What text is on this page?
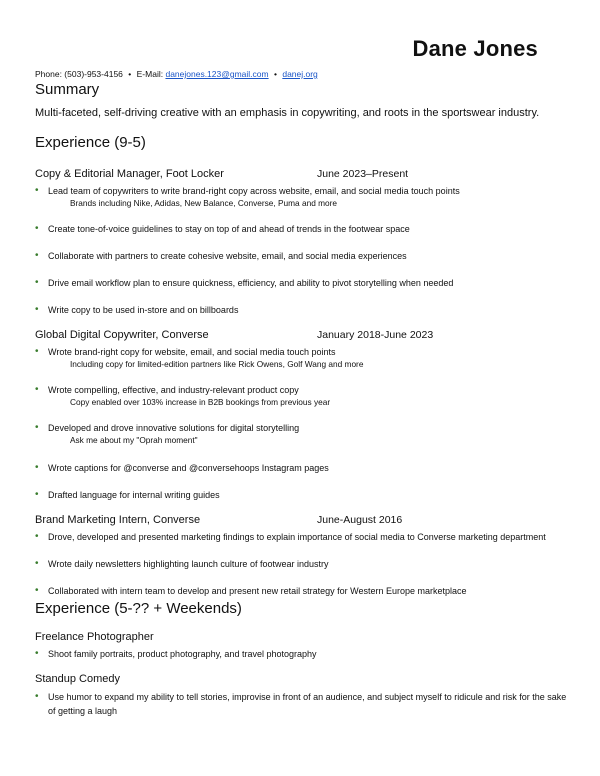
Dane Jones
Phone: (503)-953-4156 • E-Mail: danejones.123@gmail.com • danej.org
Summary
Multi-faceted, self-driving creative with an emphasis in copywriting, and roots in the sportswear industry.
Experience (9-5)
Copy & Editorial Manager, Foot Locker	June 2023–Present
• Lead team of copywriters to write brand-right copy across website, email, and social media touch points
Brands including Nike, Adidas, New Balance, Converse, Puma and more
• Create tone-of-voice guidelines to stay on top of and ahead of trends in the footwear space
• Collaborate with partners to create cohesive website, email, and social media experiences
• Drive email workflow plan to ensure quickness, efficiency, and ability to pivot storytelling when needed
• Write copy to be used in-store and on billboards
Global Digital Copywriter, Converse	January 2018-June 2023
• Wrote brand-right copy for website, email, and social media touch points
Including copy for limited-edition partners like Rick Owens, Golf Wang and more
• Wrote compelling, effective, and industry-relevant product copy
Copy enabled over 103% increase in B2B bookings from previous year
• Developed and drove innovative solutions for digital storytelling
Ask me about my "Oprah moment"
• Wrote captions for @converse and @conversehoops Instagram pages
• Drafted language for internal writing guides
Brand Marketing Intern, Converse	June-August 2016
• Drove, developed and presented marketing findings to explain importance of social media to Converse marketing department
• Wrote daily newsletters highlighting launch culture of footwear industry
• Collaborated with intern team to develop and present new retail strategy for Western Europe marketplace
Experience (5-?? + Weekends)
Freelance Photographer
• Shoot family portraits, product photography, and travel photography
Standup Comedy
• Use humor to expand my ability to tell stories, improvise in front of an audience, and subject myself to ridicule and risk for the sake of getting a laugh
